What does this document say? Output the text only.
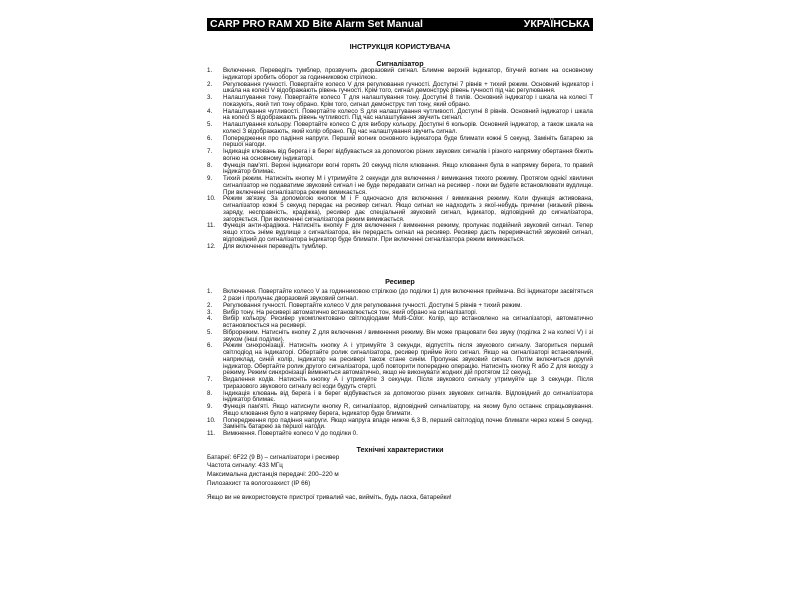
CARP PRO RAM XD Bite Alarm Set Manual	УКРАЇНСЬКА
ІНСТРУКЦІЯ КОРИСТУВАЧА
Сигналізатор
1.	Включення. Переведіть тумблер, прозвучить дворазовий сигнал. Блимне верхній індикатор, бігучий вогник на основному індикаторі зробить оборот за годинниковою стрілкою.
2.	Регулювання гучності. Повертайте колесо V для регулювання гучності. Доступні 7 рівнів + тихий режим. Основний індикатор і шкала на колесі V відображають рівень гучності. Крім того, сигнал демонструє рівень гучності під час регулювання.
3.	Налаштування тону. Повертайте колесо T для налаштування тону. Доступні 8 тилів. Основний індикатор і шкала на колесі T показують, який тип тону обрано. Крім того, сигнал демонструє тип тону, який обрано.
4.	Налаштування чутливості. Повертайте колесо S для налаштування чутливості. Доступні 8 рівнів. Основний індикатор і шкала на колесі S відображають рівень чутливості. Під час налаштування звучить сигнал.
5.	Налаштування кольору. Повертайте колесо C для вибору кольору. Доступні 6 кольорів. Основний індикатор, а також шкала на колесі З відображають, який колір обрано. Під час налаштування звучить сигнал.
6.	Попередження про падіння напруги. Перший вогник основного індикатора буде блимати кожні 5 секунд. Замініть батарею за першої нагоди.
7.	Індикація клювань від берега і в берег відбувається за допомогою різних звукових сигналів і різного напрямку обертання біжить вогню на основному індикаторі.
8.	Функція пам'яті. Верхні індикатори вогні горять 20 секунд після клювання. Якщо клювання була в напрямку берега, то правий індикатор блимає.
9.	Тихий режим. Натисніть кнопку M і утримуйте 2 секунди для включення / вимикання тихого режиму. Протягом однієї хвилини сигналізатор не подаватиме звуковий сигнал і не буде передавати сигнал на ресивер - поки ви будете встановлювати вудлище. При включенні сигналізатора режим вимикається.
10.	Режим зв'язку. За допомогою кнопок M і F одночасно для включення / вимикання режиму. Коли функція активована, сигналізатор кожні 5 секунд передає на ресивер сигнал. Якщо сигнал не надходить з якої-небудь причини (низький рівень заряду, несправність, крадіжка), ресивер дає спеціальний звуковий сигнал, індикатор, відповідний до сигналізатора, загоряється. При включенні сигналізатора режим вимикається.
11.	Функція анти-крадіжка. Натисніть кнопку F для включення / вимкнення режиму, пролунає подвійний звуковий сигнал. Тепер якщо хтось зніме вудлище з сигналізатора, він передасть сигнал на ресивер. Ресивер дасть переривчастий звуковий сигнал, відповідний до сигналізатора індикатор буде блимати. При включенні сигналізатора режим вимикається.
12.	Для включення переведіть тумблер.
Ресивер
1.	Включення. Повертайте колесо V за годинниковою стрілкою (до поділки 1) для включення приймача. Всі індикатори засвітяться 2 рази і пролунає дворазовий звуковий сигнал.
2.	Регулювання гучності. Повертайте колесо V для регулювання гучності. Доступні 5 рівнів + тихий режим.
3.	Вибір тону. На ресивері автоматично встановлюється тон, який обрано на сигналізаторі.
4.	Вибір кольору. Ресивер укомплектовано світлодіодами Multi-Color. Колір, що встановлено на сигналізаторі, автоматично встановлюється на ресивері.
5.	Віброрежим. Натисніть кнопку Z для включення / вимкнення режиму. Він може працювати без звуку (поділка 2 на колесі V) і зі звуком (інші поділки).
6.	Режим синхронізації. Натисніть кнопку A і утримуйте 3 секунди, відпустіть після звукового сигналу. Загориться перший світлодіод на індикаторі. Обертайте ролик сигналізатора, ресивер прийме його сигнал. Якщо на сигналізаторі встановлений, наприклад, синій колір, індикатор на ресивері також стане синім. Пролунає звуковий сигнал. Потім включиться другий індикатор. Обертайте ролик другого сигналізатора, щоб повторити попередню операцію. Натисніть кнопку R або Z для виходу з режиму. Режим синхронізації вимкнеться автоматично, якщо не виконувати жодних дій протягом 12 секунд.
7.	Видалення кодів. Натисніть кнопку A і утримуйте 3 секунди. Після звукового сигналу утримуйте ще 3 секунди. Після триразового звукового сигналу всі коди будуть стерті.
8.	Індикація клювань від берега і в берег відбувається за допомогою різних звукових сигналів. Відповідний до сигналізатора індикатор блимає.
9.	Функція пам'яті. Якщо натиснути кнопку R, сигналізатор, відповідний сигналізатору, на якому було останнє спрацьовування. Якщо клювання було в напрямку берега, індикатор буде блимати.
10.	Попередження про падіння напруги. Якщо напруга впаде нижче 6,3 В, перший світлодіод почне блимати через кожні 5 секунд. Замініть батарею за першої нагоди.
11.	Вимкнення. Повертайте колесо V до поділки 0.
Технічні характеристики
Батареї: 6F22 (9 В) – сигналізатори і ресивер
Частота сигналу: 433 МГц
Максимальна дистанція передачі: 200–220 м
Пилозахист та вологозахист (IP 66)
Якщо ви не використовуєте пристрої тривалий час, вийміть, будь ласка, батарейки!
